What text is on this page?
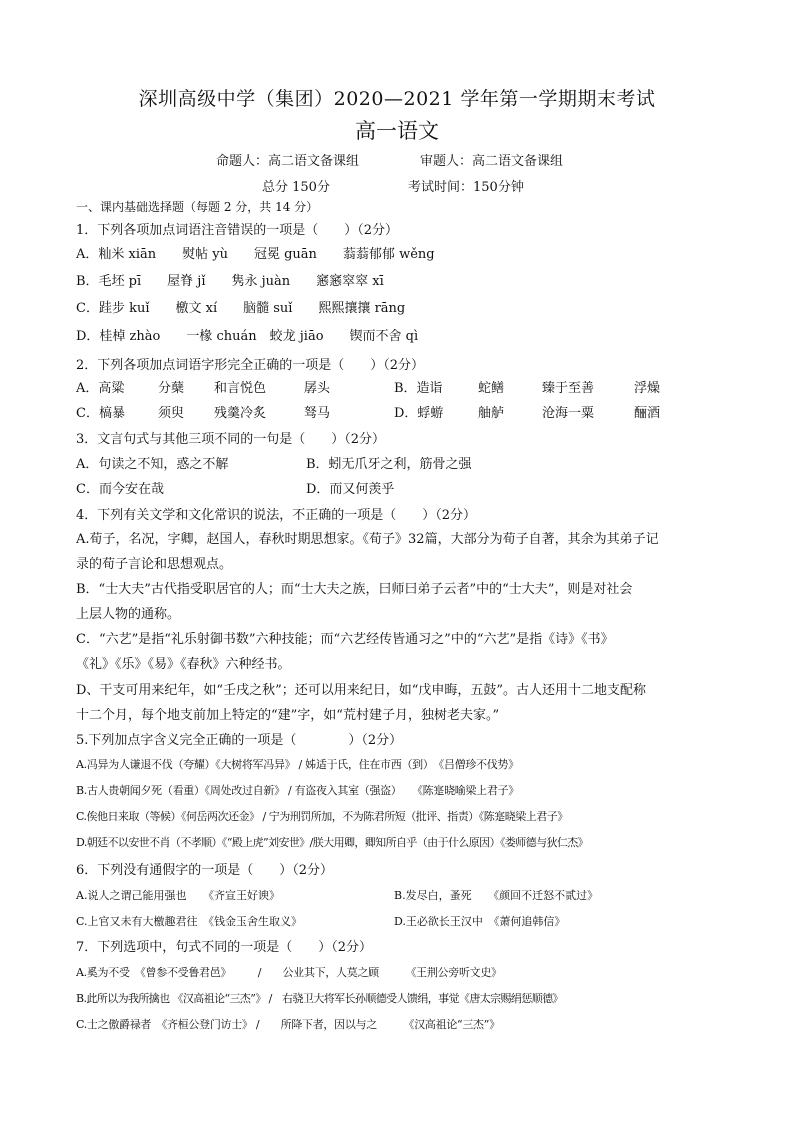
深圳高级中学（集团）2020—2021 学年第一学期期末考试
高一语文
命题人：高二语文备课组	审题人：高二语文备课组
总分 150分	考试时间：150分钟
一、课内基础选择题（每题 2 分，共 14 分）
1．下列各项加点词语注音错误的一项是（　　）（2分）
A．籼米 xiān　　熨帖 yù　　冠冕 guān　　蓊蓊郁郁 wěng
B．毛坯 pī　　屋脊 jǐ　　隽永 juàn　　窸窸窣窣 xī
C．跬步 kuǐ　　檄文 xí　　脑髓 suǐ　　熙熙攘攘 rāng
D．桂棹 zhào　　一椽 chuán　蛟龙 jiāo　　锲而不舍 qì
2．下列各项加点词语字形完全正确的一项是（　　）（2分）
A．高粱	分蘖 和言悦色	孱头	B．造诣	蛇鳝	臻于至善	浮燥
C．槁暴	须臾 残羹冷炙	驽马	D．蜉蝣	舳舻	沧海一粟	酾酒
3．文言句式与其他三项不同的一句是（　　）（2分）
A．句读之不知，惑之不解	B．蚓无爪牙之利，筋骨之强
C．而今安在哉	D．而又何羡乎
4．下列有关文学和文化常识的说法，不正确的一项是（　　）（2分）
A.荀子，名况，字卿，赵国人，春秋时期思想家。《荀子》32篇，大部分为荀子自著，其余为其弟子记
录的荀子言论和思想观点。
B．“士大夫”古代指受职居官的人；而“士大夫之族，曰师曰弟子云者”中的“士大夫”，则是对社会
上层人物的通称。
C．“六艺”是指“礼乐射御书数”六种技能；而“六艺经传皆通习之”中的“六艺”是指《诗》《书》
《礼》《乐》《易》《春秋》六种经书。
D、干支可用来纪年，如“壬戌之秋”；还可以用来纪日，如“戊申晦，五鼓”。古人还用十二地支配称
十二个月，每个地支前加上特定的“建”字，如“荒村建子月，独树老夫家。”
5.下列加点字含义完全正确的一项是（　　　　）（2分）
A.冯异为人谦退不伐（夸耀）《大树将军冯异》 / 姊适于氏，住在市西（到）　《吕僧珍不伐势》
B.古人贵朝闻夕死（看重）《周处改过自新》 / 有盗夜入其室（强盗）　　《陈寔晓喻梁上君子》
C.俟他日来取（等候）《何岳两次还金》 / 宁为刑罚所加，不为陈君所短（批评、指责）《陈寔晓梁上君子》
D.朝廷不以安世不肖（不孝顺）《“殿上虎”刘安世》/朕大用卿，卿知所自乎（由于什么原因）《娄师德与狄仁杰》
6．下列没有通假字的一项是（　　）（2分）
A.说人之谓己能用强也　　《齐宣王好谀》	B.发尽白，蚤死　　《颜回不迁怒不贰过》
C.上官又未有大檄趣君往　《钱金玉舍生取义》	D.王必欲长王汉中　《萧何追韩信》
7．下列选项中，句式不同的一项是（　　）（2分）
A.奚为不受　《曾参不受鲁君邑》　　　/　　公业其下，人莫之顾　　　《王荆公旁听文史》
B.此所以为我所擒也 《汉高祖论“三杰”》 /　右骁卫大将军长孙顺德受人馈绢，事觉《唐太宗赐绢惩顺德》
C.士之傲爵禄者　《齐桓公登门访士》 /　　所降下者，因以与之　　　《汉高祖论“三杰”》
